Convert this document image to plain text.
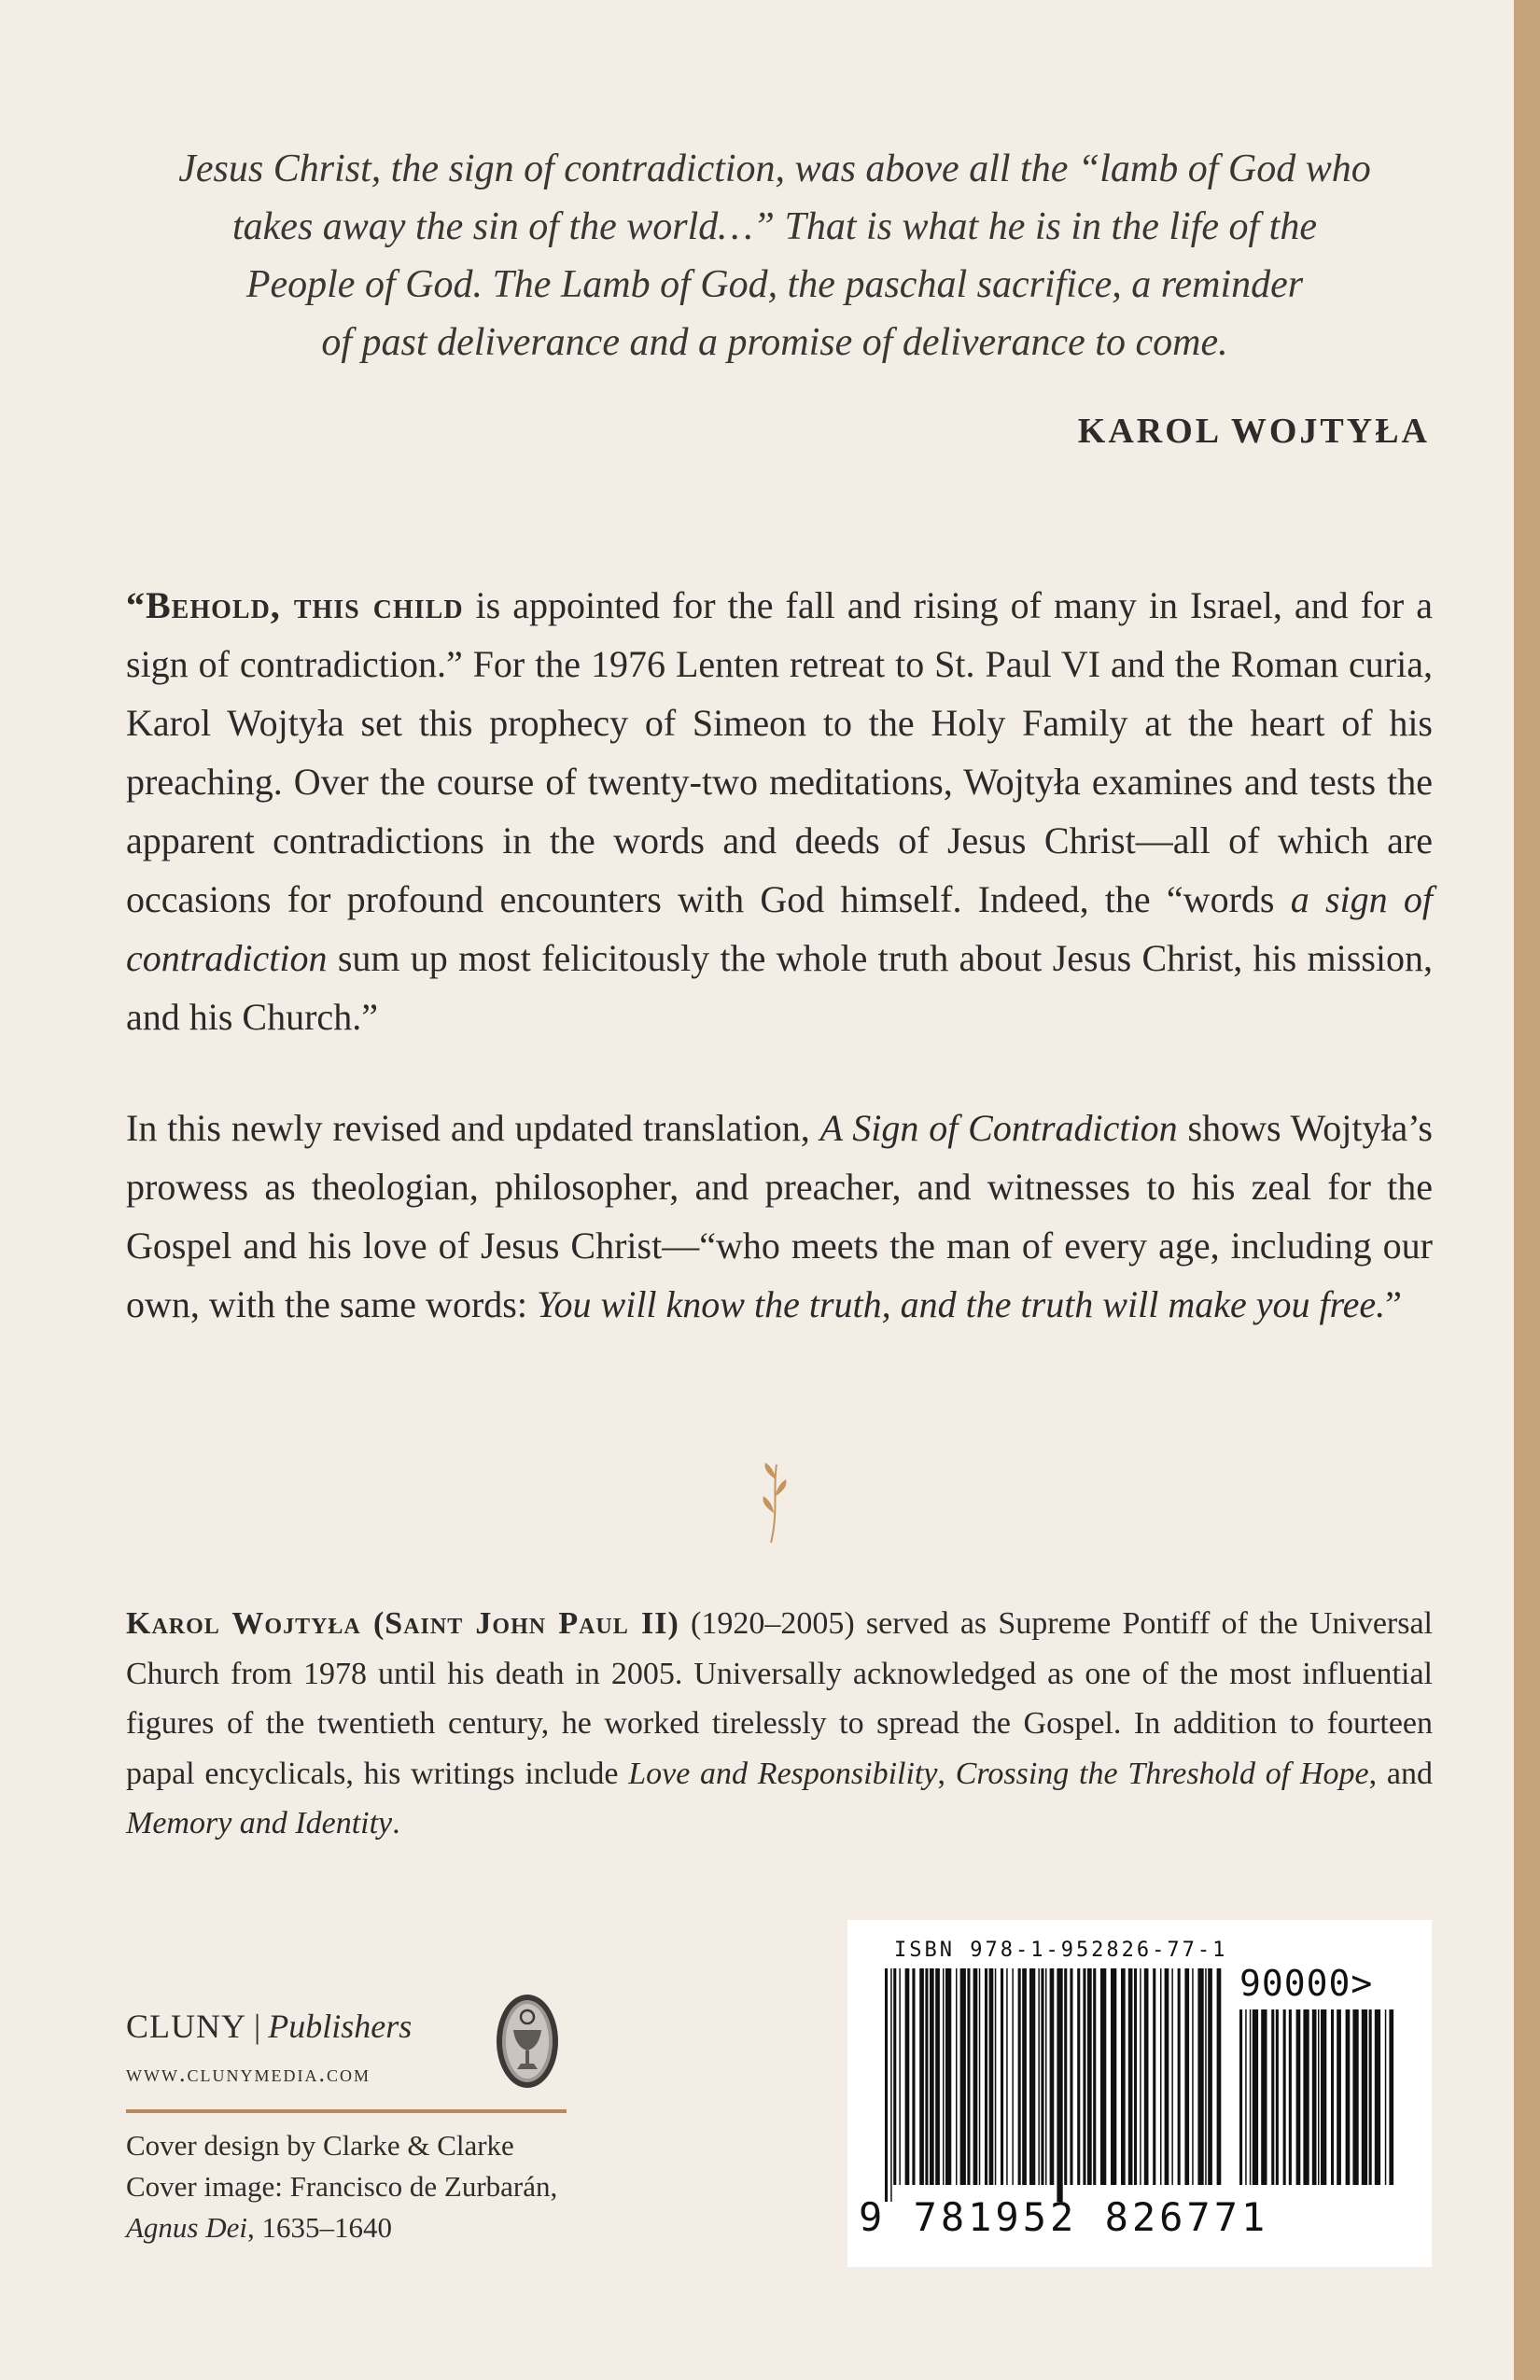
Jesus Christ, the sign of contradiction, was above all the “lamb of God who
takes away the sin of the world…” That is what he is in the life of the
People of God. The Lamb of God, the paschal sacrifice, a reminder
of past deliverance and a promise of deliverance to come.
KAROL WOJTYŁA
“Behold, this child is appointed for the fall and rising of many in Israel, and for a sign of contradiction.” For the 1976 Lenten retreat to St. Paul VI and the Roman curia, Karol Wojtyła set this prophecy of Simeon to the Holy Family at the heart of his preaching. Over the course of twenty-two meditations, Wojtyła examines and tests the apparent contradictions in the words and deeds of Jesus Christ—all of which are occasions for profound encounters with God himself. Indeed, the “words a sign of contradiction sum up most felicitously the whole truth about Jesus Christ, his mission, and his Church.”
In this newly revised and updated translation, A Sign of Contradiction shows Wojtyła’s prowess as theologian, philosopher, and preacher, and witnesses to his zeal for the Gospel and his love of Jesus Christ—“who meets the man of every age, including our own, with the same words: You will know the truth, and the truth will make you free.”
Karol Wojtyła (Saint John Paul II) (1920–2005) served as Supreme Pontiff of the Universal Church from 1978 until his death in 2005. Universally acknowledged as one of the most influential figures of the twentieth century, he worked tirelessly to spread the Gospel. In addition to fourteen papal encyclicals, his writings include Love and Responsibility, Crossing the Threshold of Hope, and Memory and Identity.
CLUNY | Publishers
www.clunymedia.com
Cover design by Clarke & Clarke
Cover image: Francisco de Zurbarán,
Agnus Dei, 1635–1640
ISBN 978-1-952826-77-1
90000>
9 781952 826771
